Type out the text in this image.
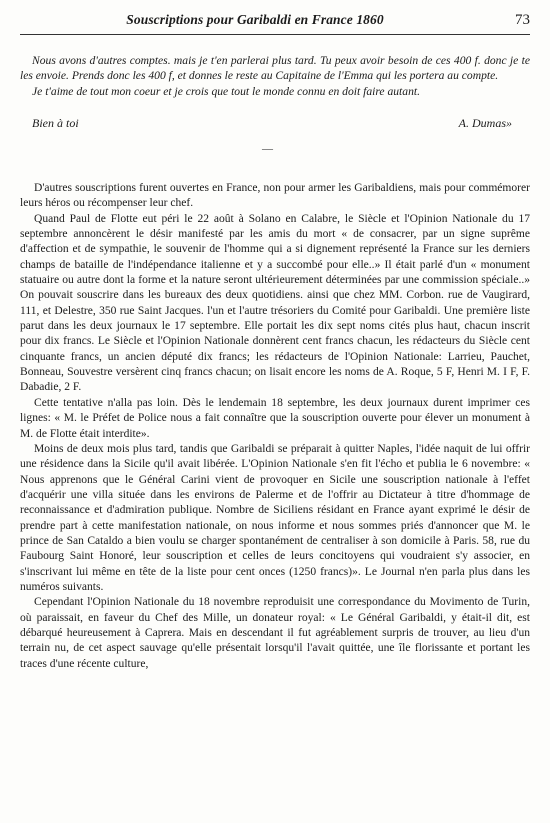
Souscriptions pour Garibaldi en France 1860	73

Nous avons d'autres comptes. mais je t'en parlerai plus tard. Tu peux avoir besoin de ces 400 f. donc je te les envoie. Prends donc les 400 f, et donnes le reste au Capitaine de l'Emma qui les portera au compte.

Je t'aime de tout mon coeur et je crois que tout le monde connu en doit faire autant.

Bien à toi	A. Dumas»
—

D'autres souscriptions furent ouvertes en France, non pour armer les Garibaldiens, mais pour commémorer leurs héros ou récompenser leur chef.

Quand Paul de Flotte eut péri le 22 août à Solano en Calabre, le Siècle et l'Opinion Nationale du 17 septembre annoncèrent le désir manifesté par les amis du mort « de consacrer, par un signe suprême d'affection et de sympathie, le souvenir de l'homme qui a si dignement représenté la France sur les derniers champs de bataille de l'indépendance italienne et y a succombé pour elle..» Il était parlé d'un « monument statuaire ou autre dont la forme et la nature seront ultérieurement déterminées par une commission spéciale..» On pouvait souscrire dans les bureaux des deux quotidiens. ainsi que chez MM. Corbon. rue de Vaugirard, 111, et Delestre, 350 rue Saint Jacques. l'un et l'autre trésoriers du Comité pour Garibaldi. Une première liste parut dans les deux journaux le 17 septembre. Elle portait les dix sept noms cités plus haut, chacun inscrit pour dix francs. Le Siècle et l'Opinion Nationale donnèrent cent francs chacun, les rédacteurs du Siècle cent cinquante francs, un ancien député dix francs; les rédacteurs de l'Opinion Nationale: Larrieu, Pauchet, Bonneau, Souvestre versèrent cinq francs chacun; on lisait encore les noms de A. Roque, 5 F, Henri M. I F, F. Dabadie, 2 F.

Cette tentative n'alla pas loin. Dès le lendemain 18 septembre, les deux journaux durent imprimer ces lignes: « M. le Préfet de Police nous a fait connaître que la souscription ouverte pour élever un monument à M. de Flotte était interdite».

Moins de deux mois plus tard, tandis que Garibaldi se préparait à quitter Naples, l'idée naquit de lui offrir une résidence dans la Sicile qu'il avait libérée. L'Opinion Nationale s'en fit l'écho et publia le 6 novembre: « Nous apprenons que le Général Carini vient de provoquer en Sicile une souscription nationale à l'effet d'acquérir une villa située dans les environs de Palerme et de l'offrir au Dictateur à titre d'hommage de reconnaissance et d'admiration publique. Nombre de Siciliens résidant en France ayant exprimé le désir de prendre part à cette manifestation nationale, on nous informe et nous sommes priés d'annoncer que M. le prince de San Cataldo a bien voulu se charger spontanément de centraliser à son domicile à Paris. 58, rue du Faubourg Saint Honoré, leur souscription et celles de leurs concitoyens qui voudraient s'y associer, en s'inscrivant lui même en tête de la liste pour cent onces (1250 francs)». Le Journal n'en parla plus dans les numéros suivants.

Cependant l'Opinion Nationale du 18 novembre reproduisit une correspondance du Movimento de Turin, où paraissait, en faveur du Chef des Mille, un donateur royal: « Le Général Garibaldi, y était-il dit, est débarqué heureusement à Caprera. Mais en descendant il fut agréablement surpris de trouver, au lieu d'un terrain nu, de cet aspect sauvage qu'elle présentait lorsqu'il l'avait quittée, une île florissante et portant les traces d'une récente culture,
